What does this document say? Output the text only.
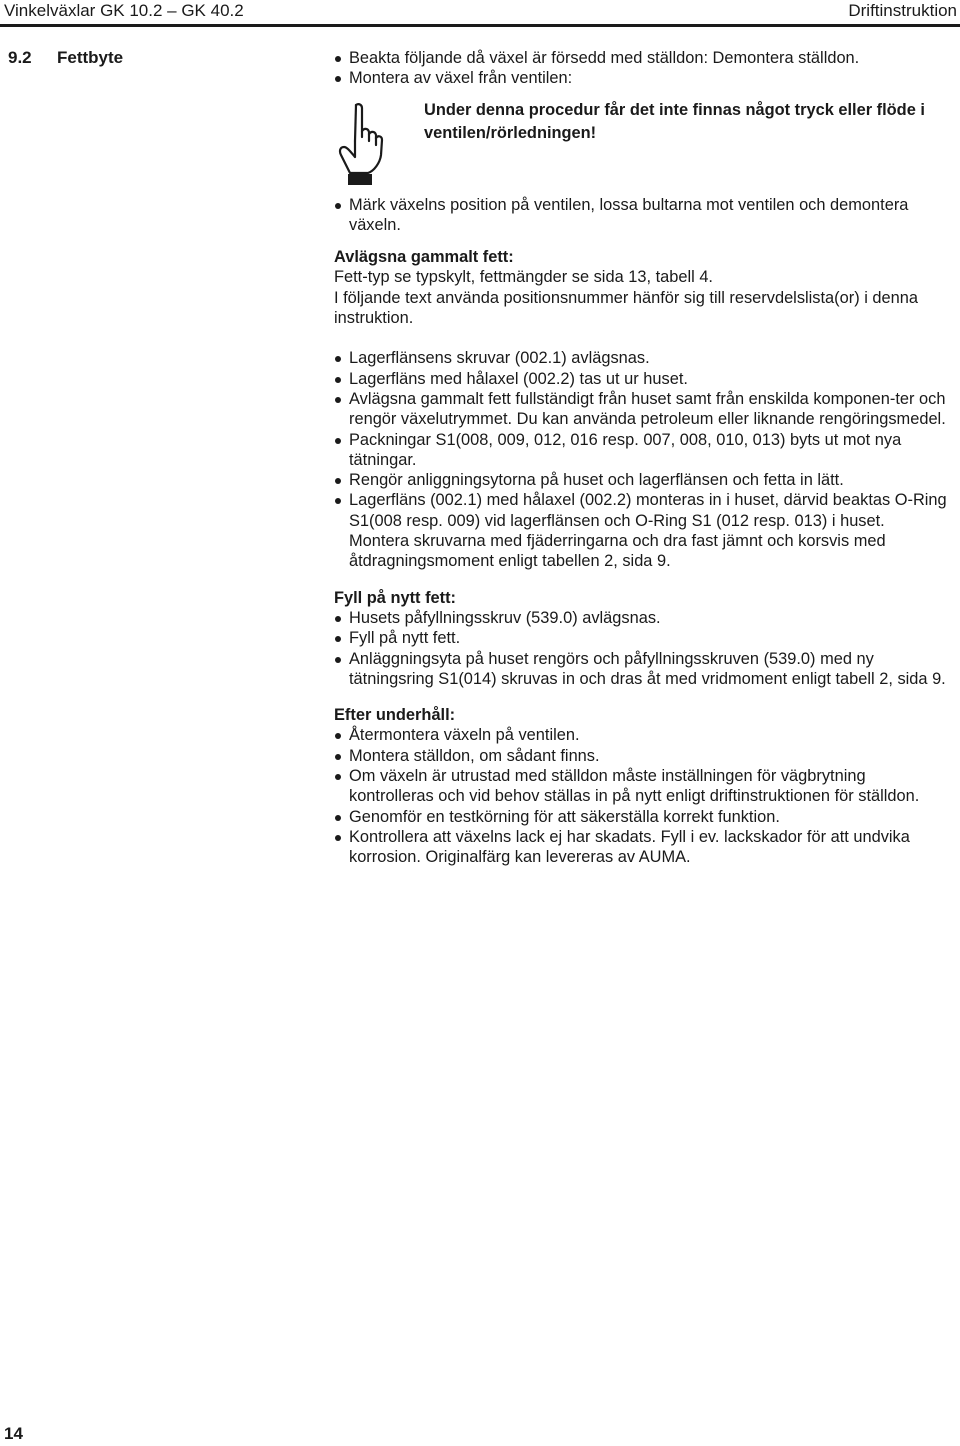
Vinkelväxlar GK 10.2 – GK 40.2	Driftinstruktion
9.2 Fettbyte	Beakta följande då växel är försedd med ställdon: Demontera ställdon.
Montera av växel från ventilen:
Under denna procedur får det inte finnas något tryck eller flöde i ventilen/rörledningen!
Märk växelns position på ventilen, lossa bultarna mot ventilen och demontera växeln.

Avlägsna gammalt fett:

Fett-typ se typskylt, fettmängder se sida 13, tabell 4.

I följande text använda positionsnummer hänför sig till reservdelslista(or) i denna instruktion.

Lagerflänsens skruvar (002.1) avlägsnas.
Lagerfläns med hålaxel (002.2) tas ut ur huset.
Avlägsna gammalt fett fullständigt från huset samt från enskilda komponen-ter och rengör växelutrymmet. Du kan använda petroleum eller liknande rengöringsmedel.
Packningar S1(008, 009, 012, 016 resp. 007, 008, 010, 013) byts ut mot nya tätningar.
Rengör anliggningsytorna på huset och lagerflänsen och fetta in lätt.
Lagerfläns (002.1) med hålaxel (002.2) monteras in i huset, därvid beaktas O-Ring S1(008 resp. 009) vid lagerflänsen och O-Ring S1 (012 resp. 013) i huset.

Montera skruvarna med fjäderringarna och dra fast jämnt och korsvis med åtdragningsmoment enligt tabellen 2, sida 9.

Fyll på nytt fett:

Husets påfyllningsskruv (539.0) avlägsnas.
Fyll på nytt fett.
Anläggningsyta på huset rengörs och påfyllningsskruven (539.0) med ny tätningsring S1(014) skruvas in och dras åt med vridmoment enligt tabell 2, sida 9.

Efter underhåll:

Återmontera växeln på ventilen.
Montera ställdon, om sådant finns.
Om växeln är utrustad med ställdon måste inställningen för vägbrytning kontrolleras och vid behov ställas in på nytt enligt driftinstruktionen för ställdon.
Genomför en testkörning för att säkerställa korrekt funktion.
Kontrollera att växelns lack ej har skadats. Fyll i ev. lackskador för att undvika korrosion. Originalfärg kan levereras av AUMA.
14
